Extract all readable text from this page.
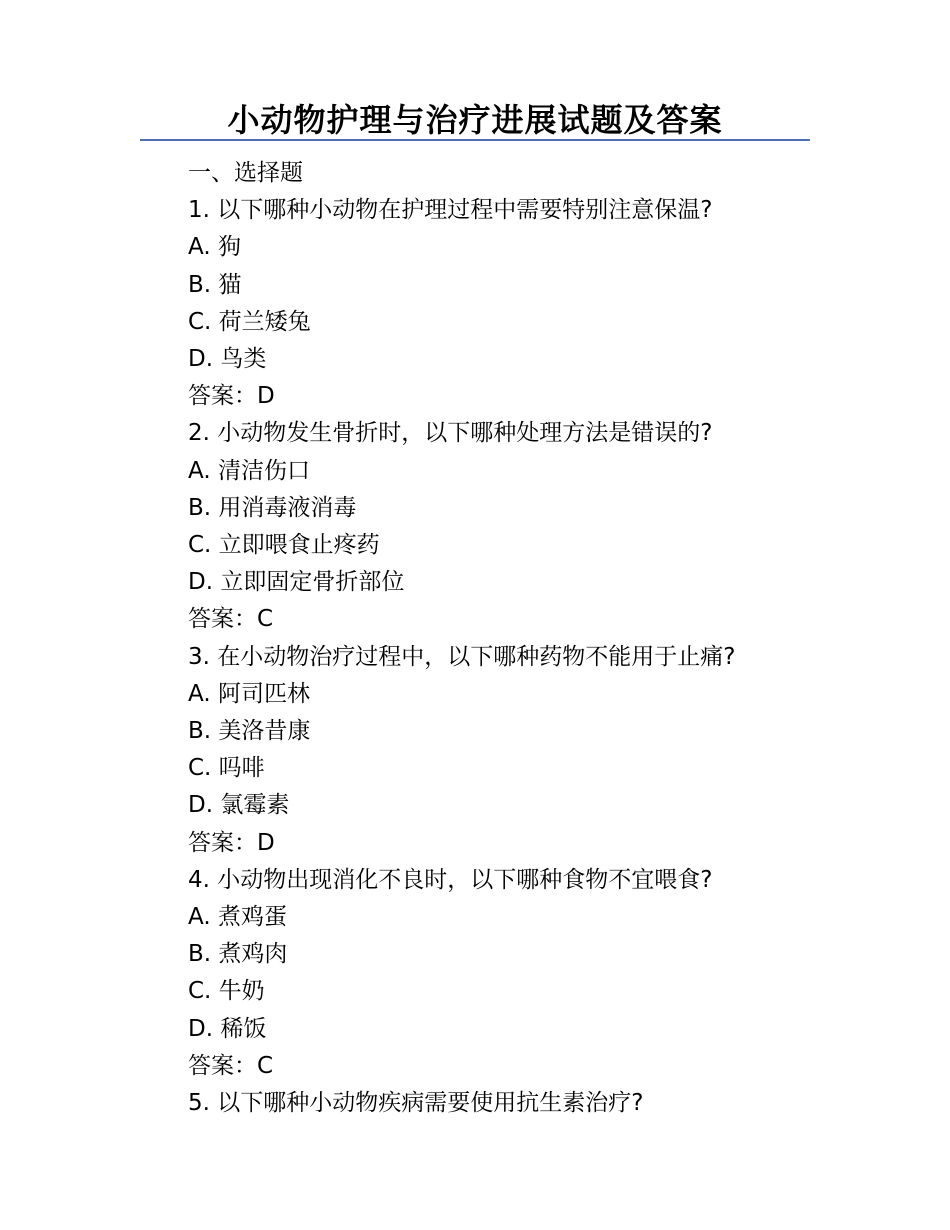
小动物护理与治疗进展试题及答案

一、选择题

1. 以下哪种小动物在护理过程中需要特别注意保温?

A. 狗

B. 猫

C. 荷兰矮兔

D. 鸟类

答案：D

2. 小动物发生骨折时，以下哪种处理方法是错误的?

A. 清洁伤口

B. 用消毒液消毒

C. 立即喂食止疼药

D. 立即固定骨折部位

答案：C

3. 在小动物治疗过程中，以下哪种药物不能用于止痛?

A. 阿司匹林

B. 美洛昔康

C. 吗啡

D. 氯霉素

答案：D

4. 小动物出现消化不良时，以下哪种食物不宜喂食?

A. 煮鸡蛋

B. 煮鸡肉

C. 牛奶

D. 稀饭

答案：C

5. 以下哪种小动物疾病需要使用抗生素治疗?
